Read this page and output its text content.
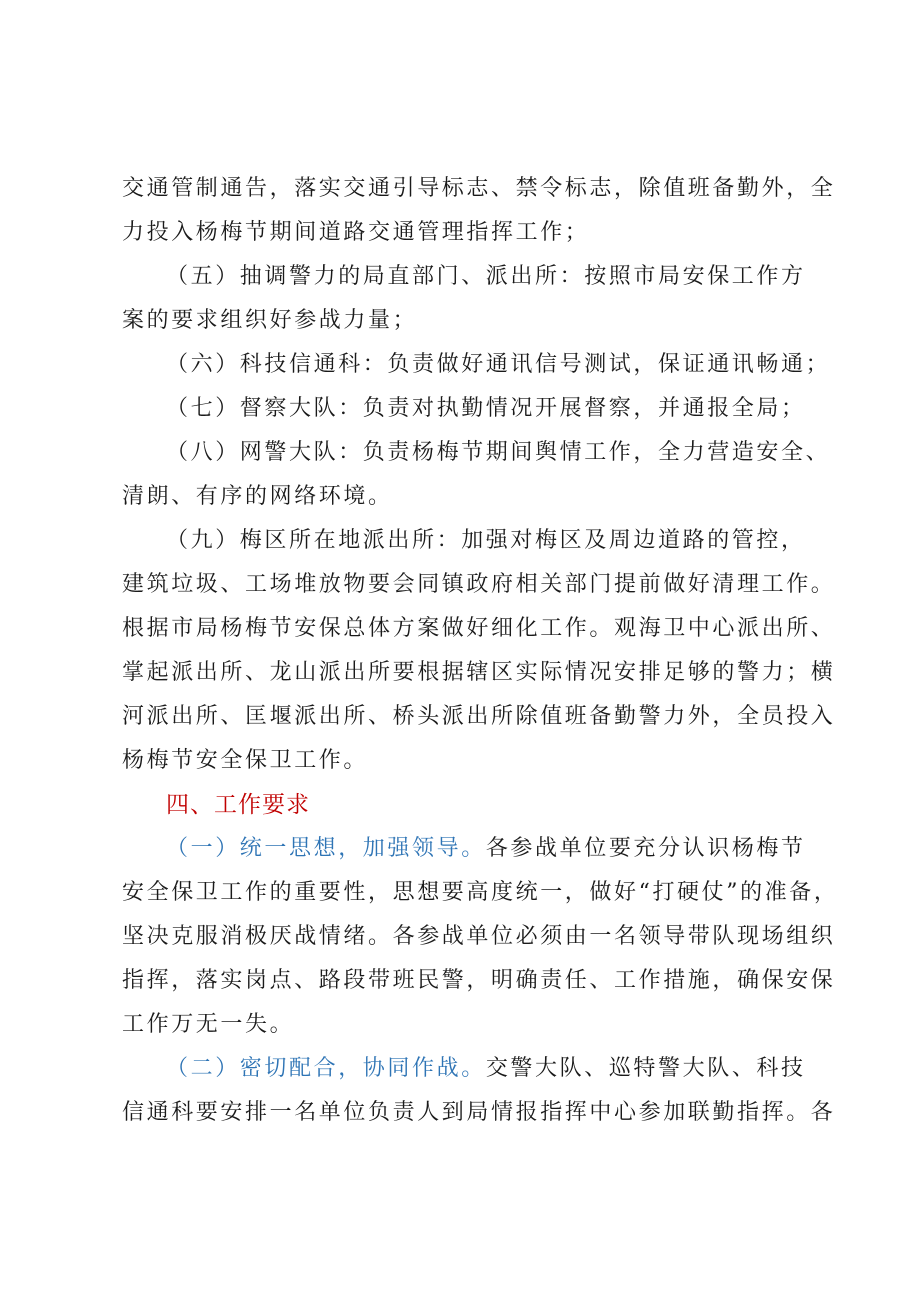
交通管制通告，落实交通引导标志、禁令标志，除值班备勤外，全
力投入杨梅节期间道路交通管理指挥工作；
（五）抽调警力的局直部门、派出所：按照市局安保工作方
案的要求组织好参战力量；
（六）科技信通科：负责做好通讯信号测试，保证通讯畅通；
（七）督察大队：负责对执勤情况开展督察，并通报全局；
（八）网警大队：负责杨梅节期间舆情工作，全力营造安全、
清朗、有序的网络环境。
（九）梅区所在地派出所：加强对梅区及周边道路的管控，
建筑垃圾、工场堆放物要会同镇政府相关部门提前做好清理工作。
根据市局杨梅节安保总体方案做好细化工作。观海卫中心派出所、
掌起派出所、龙山派出所要根据辖区实际情况安排足够的警力；横
河派出所、匡堰派出所、桥头派出所除值班备勤警力外，全员投入
杨梅节安全保卫工作。
四、工作要求
（一）统一思想，加强领导。各参战单位要充分认识杨梅节
安全保卫工作的重要性，思想要高度统一，做好“打硬仗”的准备，
坚决克服消极厌战情绪。各参战单位必须由一名领导带队现场组织
指挥，落实岗点、路段带班民警，明确责任、工作措施，确保安保
工作万无一失。
（二）密切配合，协同作战。交警大队、巡特警大队、科技
信通科要安排一名单位负责人到局情报指挥中心参加联勤指挥。各
